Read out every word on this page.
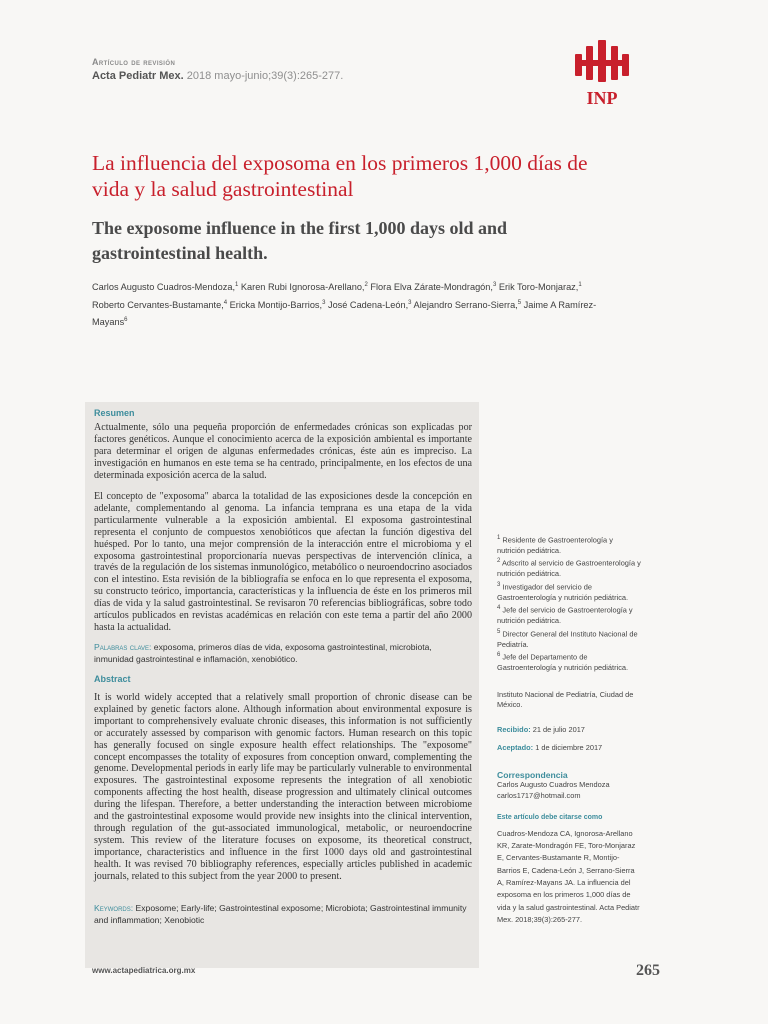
Artículo de revisión
Acta Pediatr Mex. 2018 mayo-junio;39(3):265-277.
INP
La influencia del exposoma en los primeros 1,000 días de vida y la salud gastrointestinal
The exposome influence in the first 1,000 days old and gastrointestinal health.
Carlos Augusto Cuadros-Mendoza,$^1$ Karen Rubi Ignorosa-Arellano,$^2$ Flora Elva Zárate-Mondragón,$^3$ Erik Toro-Monjaraz,$^1$ Roberto Cervantes-Bustamante,$^4$ Ericka Montijo-Barrios,$^3$ José Cadena-León,$^3$ Alejandro Serrano-Sierra,$^5$ Jaime A Ramírez-Mayans$^6$
Resumen
Actualmente, sólo una pequeña proporción de enfermedades crónicas son explicadas por factores genéticos. Aunque el conocimiento acerca de la exposición ambiental es importante para determinar el origen de algunas enfermedades crónicas, éste aún es impreciso. La investigación en humanos en este tema se ha centrado, principalmente, en los efectos de una determinada exposición acerca de la salud.
El concepto de "exposoma" abarca la totalidad de las exposiciones desde la concepción en adelante, complementando al genoma. La infancia temprana es una etapa de la vida particularmente vulnerable a la exposición ambiental. El exposoma gastrointestinal representa el conjunto de compuestos xenobióticos que afectan la función digestiva del huésped. Por lo tanto, una mejor comprensión de la interacción entre el microbioma y el exposoma gastrointestinal proporcionaría nuevas perspectivas de intervención clínica, a través de la regulación de los sistemas inmunológico, metabólico o neuroendocrino asociados con el intestino. Esta revisión de la bibliografía se enfoca en lo que representa el exposoma, su constructo teórico, importancia, características y la influencia de éste en los primeros mil días de vida y la salud gastrointestinal. Se revisaron 70 referencias bibliográficas, sobre todo artículos publicados en revistas académicas en relación con este tema a partir del año 2000 hasta la actualidad.
Palabras clave: exposoma, primeros días de vida, exposoma gastrointestinal, microbiota, inmunidad gastrointestinal e inflamación, xenobiótico.
Abstract
It is world widely accepted that a relatively small proportion of chronic disease can be explained by genetic factors alone. Although information about environmental exposure is important to comprehensively evaluate chronic diseases, this information is not sufficiently or accurately assessed by comparison with genomic factors. Human research on this topic has generally focused on single exposure health effect relationships. The "exposome" concept encompasses the totality of exposures from conception onward, complementing the genome. Developmental periods in early life may be particularly vulnerable to environmental exposures. The gastrointestinal exposome represents the integration of all xenobiotic components affecting the host health, disease progression and ultimately clinical outcomes during the lifespan. Therefore, a better understanding the interaction between microbiome and the gastrointestinal exposome would provide new insights into the clinical intervention, through regulation of the gut-associated immunological, metabolic, or neuroendocrine system. This review of the literature focuses on exposome, its theoretical construct, importance, characteristics and influence in the first 1000 days old and gastrointestinal health. It was revised 70 bibliography references, especially articles published in academic journals, related to this subject from the year 2000 to present.
Keywords: Exposome; Early-life; Gastrointestinal exposome; Microbiota; Gastrointestinal immunity and inflammation; Xenobiotic

$^1$ Residente de Gastroenterología y nutrición pediátrica.

$^2$ Adscrito al servicio de Gastroenterología y nutrición pediátrica.

$^3$ Investigador del servicio de Gastroenterología y nutrición pediátrica.

$^4$ Jefe del servicio de Gastroenterología y nutrición pediátrica.

$^5$ Director General del Instituto Nacional de Pediatría.

$^6$ Jefe del Departamento de Gastroenterología y nutrición pediátrica.

Instituto Nacional de Pediatría, Ciudad de México.

Recibido: 21 de julio 2017

Aceptado: 1 de diciembre 2017

Correspondencia

Carlos Augusto Cuadros Mendoza

carlos1717@hotmail.com

Este artículo debe citarse como

Cuadros-Mendoza CA, Ignorosa-Arellano KR, Zarate-Mondragón FE, Toro-Monjaraz E, Cervantes-Bustamante R, Montijo-Barrios E, Cadena-León J, Serrano-Sierra A, Ramírez-Mayans JA. La influencia del exposoma en los primeros 1,000 días de vida y la salud gastrointestinal. Acta Pediatr Mex. 2018;39(3):265-277.

www.actapediatrica.org.mx	265
